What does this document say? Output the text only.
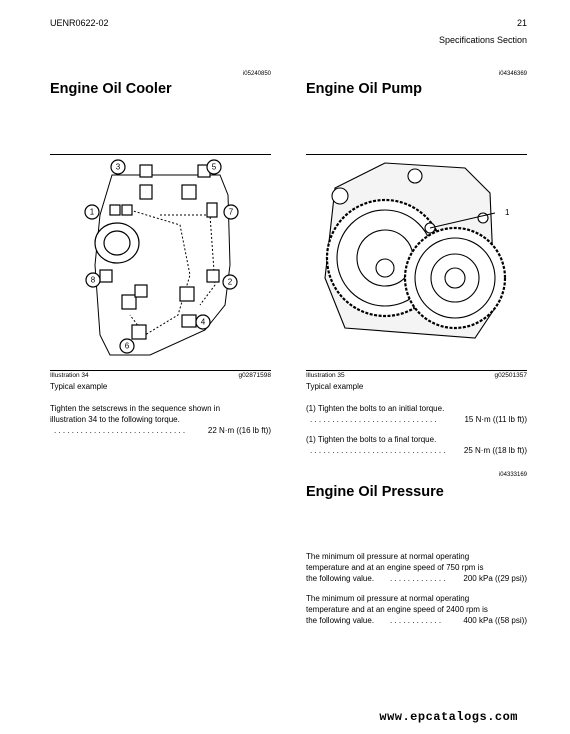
UENR0622-02	21
Specifications Section
i05240850
Engine Oil Cooler
1
2
3
4
5
6
7
8
Illustration 34	g02871598
Typical example
Tighten the setscrews in the sequence shown in
illustration 34 to the following torque.
. . . . . . . . . . . . . . . . . . . . . . . . . . . . . .	22 N·m ((16 lb ft))
i04346369
Engine Oil Pump
1
Illustration 35	g02501357
Typical example
(1) Tighten the bolts to an initial torque.
. . . . . . . . . . . . . . . . . . . . . . . . . . . . .	15 N·m ((11 lb ft))
(1) Tighten the bolts to a final torque.
. . . . . . . . . . . . . . . . . . . . . . . . . . . . . . . 25 N·m ((18 lb ft))
i04333169
Engine Oil Pressure
The minimum oil pressure at normal operating
temperature and at an engine speed of 750 rpm is
the following value. . . . . . . . . . . . . . 200 kPa ((29 psi))
The minimum oil pressure at normal operating
temperature and at an engine speed of 2400 rpm is
the following value. . . . . . . . . . . . .	400 kPa ((58 psi))
www.epcatalogs.com
